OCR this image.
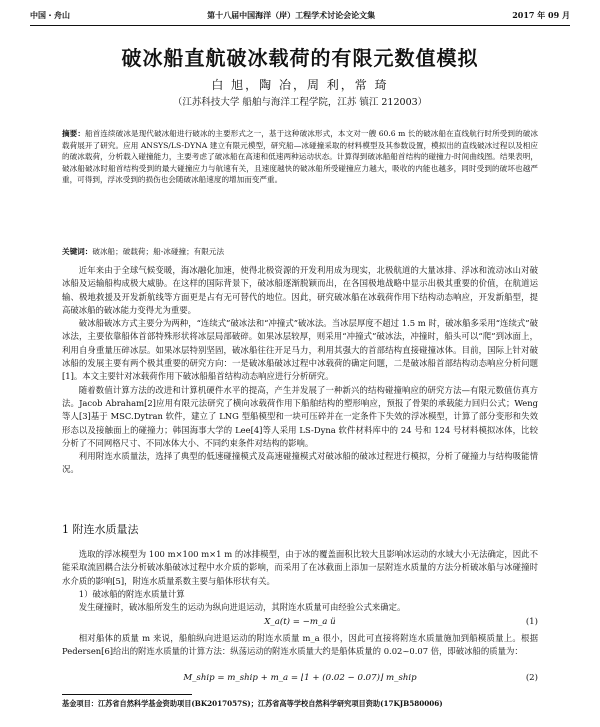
中国・舟山	第十八届中国海洋（岸）工程学术讨论会论文集	2017 年 09 月
破冰船直航破冰载荷的有限元数值模拟
白 旭，陶 冶，周 利，常 琦
（江苏科技大学 船舶与海洋工程学院，江苏 镇江 212003）
摘要：船首连续破冰是现代破冰船进行破冰的主要形式之一，基于这种破冰形式，本文对一艘 60.6 m 长的破冰船在直线航行时所受到的破冰载荷展开了研究。应用 ANSYS/LS-DYNA 建立有限元模型，研究船—冰碰撞采取的材料模型及其参数设置，模拟出的直线破冰过程以及相应的破冰载荷，分析载入碰撞能力，主要考虑了破冰船在高速和低速两种运动状态。计算得到破冰船船首结构的碰撞力-时间曲线图。结果表明，破冰船破冰时船首结构受到的最大碰撞应力与航速有关，且速度越快的破冰船所受碰撞应力越大，吸收的内能也越多，同时受到的破坏也越严重，可得到，浮冰受到的损伤也会随破冰船速度的增加而变严重。
关键词：破冰船；破载荷；船-冰碰撞；有限元法

近年来由于全球气候变暖，海冰融化加速，使得北极资源的开发利用成为现实，北极航道的大量冰排、浮冰和流动冰山对破冰船及运输船构成极大威胁。在这样的国际背景下，破冰船逐渐脱颖而出，在各国极地战略中显示出极其重要的价值，在航道运输、极地救援及开发新航线等方面更是占有无可替代的地位。因此，研究破冰船在冰载荷作用下结构动态响应，开发新船型，提高破冰船的破冰能力变得尤为重要。

破冰船破冰方式主要分为两种，“连续式”破冰法和“冲撞式”破冰法。当冰层厚度不超过 1.5 m 时，破冰船多采用“连续式”破冰法，主要依靠船体首部特殊形状将冰层局部破碎。如果冰层较厚，则采用“冲撞式”破冰法，冲撞时，船头可以“爬”到冰面上，利用自身重量压碎冰层。如果冰层特别坚固，破冰船往往开足马力，利用其强大的首部结构直接碰撞冰体。目前，国际上针对破冰船的发展主要有两个极其重要的研究方向：一是破冰船破冰过程中冰载荷的确定问题，二是破冰船首部结构动态响应分析问题[1]。本文主要针对冰载荷作用下破冰船船首结构动态响应进行分析研究。

随着数值计算方法的改进和计算机硬件水平的提高，产生并发展了一种新兴的结构碰撞响应的研究方法—有限元数值仿真方法。Jacob Abraham[2]应用有限元法研究了横向冰载荷作用下船舶结构的塑形响应，预报了骨架的承载能力回归公式；Weng 等人[3]基于 MSC.Dytran 软件，建立了 LNG 型船模型和一块可压碎并在一定条件下失效的浮冰模型，计算了部分变形和失效形态以及接触面上的碰撞力；韩国海事大学的 Lee[4]等人采用 LS-Dyna 软件材料库中的 24 号和 124 号材料模拟冰体，比较分析了不同网格尺寸、不同冰体大小、不同约束条件对结构的影响。

利用附连水质量法，选择了典型的低速碰撞模式及高速碰撞模式对破冰船的破冰过程进行模拟，分析了碰撞力与结构吸能情况。

1 附连水质量法

选取的浮冰模型为 100 m×100 m×1 m 的冰排模型，由于冰的覆盖面积比较大且影响冰运动的水域大小无法确定，因此不能采取流固耦合法分析破冰船破冰过程中水介质的影响，而采用了在冰截面上添加一层附连水质量的方法分析破冰船与冰碰撞时水介质的影响[5]，附连水质量系数主要与船体形状有关。

1）破冰船的附连水质量计算

发生碰撞时，破冰船所发生的运动为纵向进退运动，其附连水质量可由经验公式来确定。

X_a(t) = −m_a ü	(1)

相对船体的质量 m 来说，船舶纵向进退运动的附连水质量 m_a 很小，因此可直接将附连水质量施加到船模质量上。根据 Pedersen[6]给出的附连水质量的计算方法：纵荡运动的附连水质量大约是船体质量的 0.02~0.07 倍，即破冰船的质量为：

M_ship = m_ship + m_a = ⌊1 + (0.02 − 0.07)⌋ m_ship	(2)
基金项目：江苏省自然科学基金资助项目(BK2017057S)；江苏省高等学校自然科学研究项目资助(17KJB580006)
